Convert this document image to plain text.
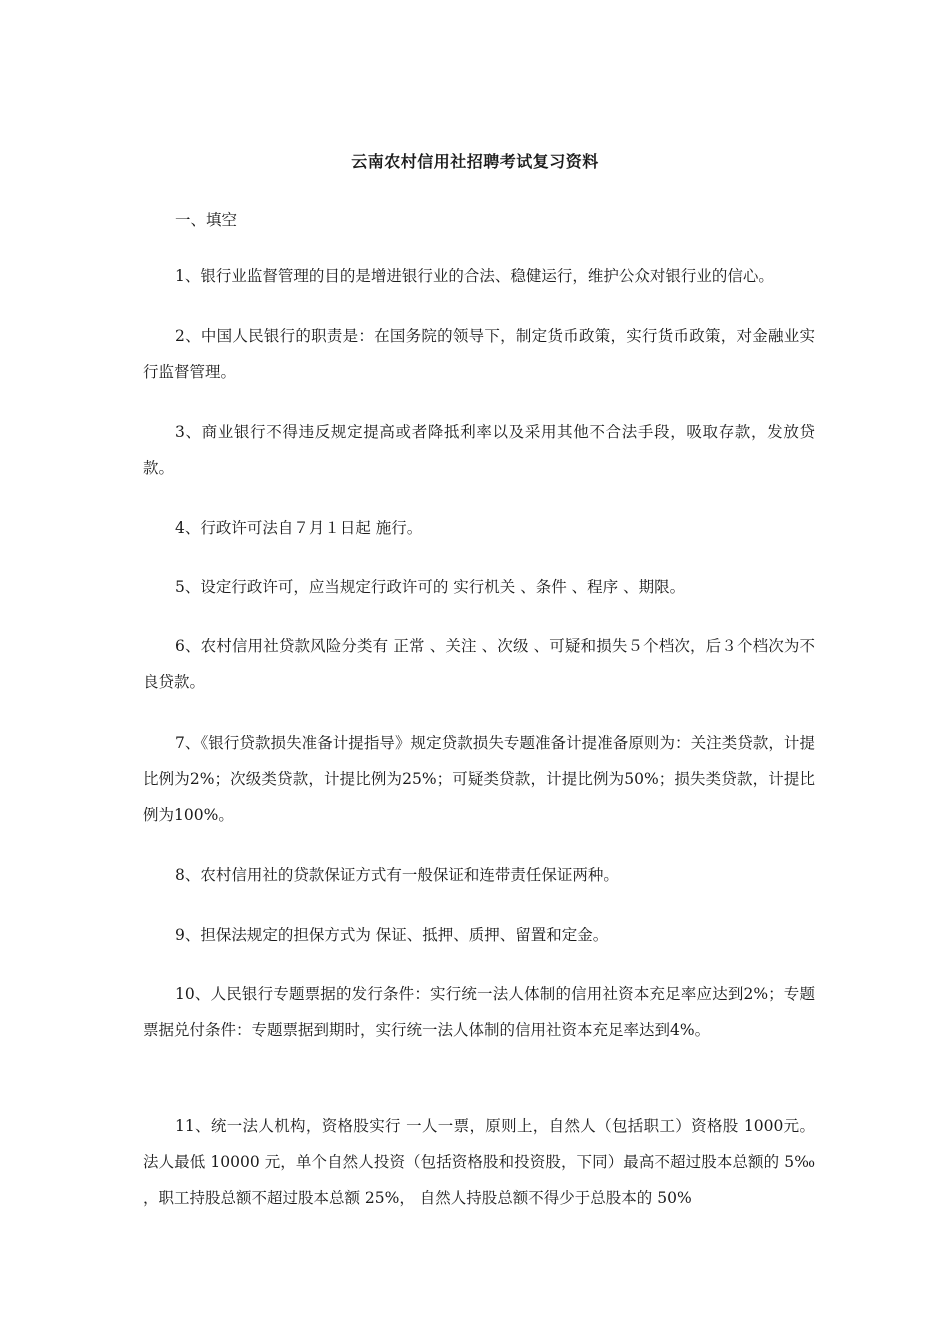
云南农村信用社招聘考试复习资料

一、填空

1、银行业监督管理的目的是增进银行业的合法、稳健运行，维护公众对银行业的信心。

2、中国人民银行的职责是：在国务院的领导下，制定货币政策，实行货币政策，对金融业实行监督管理。

3、商业银行不得违反规定提高或者降抵利率以及采用其他不合法手段，吸取存款，发放贷款。

4、行政许可法自７月１日起 施行。

5、设定行政许可，应当规定行政许可的 实行机关 、条件 、程序 、期限。

6、农村信用社贷款风险分类有 正常 、关注 、次级 、可疑和损失５个档次，后３个档次为不良贷款。

7、《银行贷款损失准备计提指导》规定贷款损失专题准备计提准备原则为：关注类贷款，计提比例为2%；次级类贷款，计提比例为25%；可疑类贷款，计提比例为50%；损失类贷款，计提比例为100%。

8、农村信用社的贷款保证方式有一般保证和连带责任保证两种。

9、担保法规定的担保方式为 保证、抵押、质押、留置和定金。

10、人民银行专题票据的发行条件：实行统一法人体制的信用社资本充足率应达到2%；专题票据兑付条件：专题票据到期时，实行统一法人体制的信用社资本充足率达到4%。

11、统一法人机构，资格股实行 一人一票，原则上，自然人（包括职工）资格股 1000元。法人最低 10000 元，单个自然人投资（包括资格股和投资股，下同）最高不超过股本总额的 5‰ ，职工持股总额不超过股本总额 25%， 自然人持股总额不得少于总股本的 50%
